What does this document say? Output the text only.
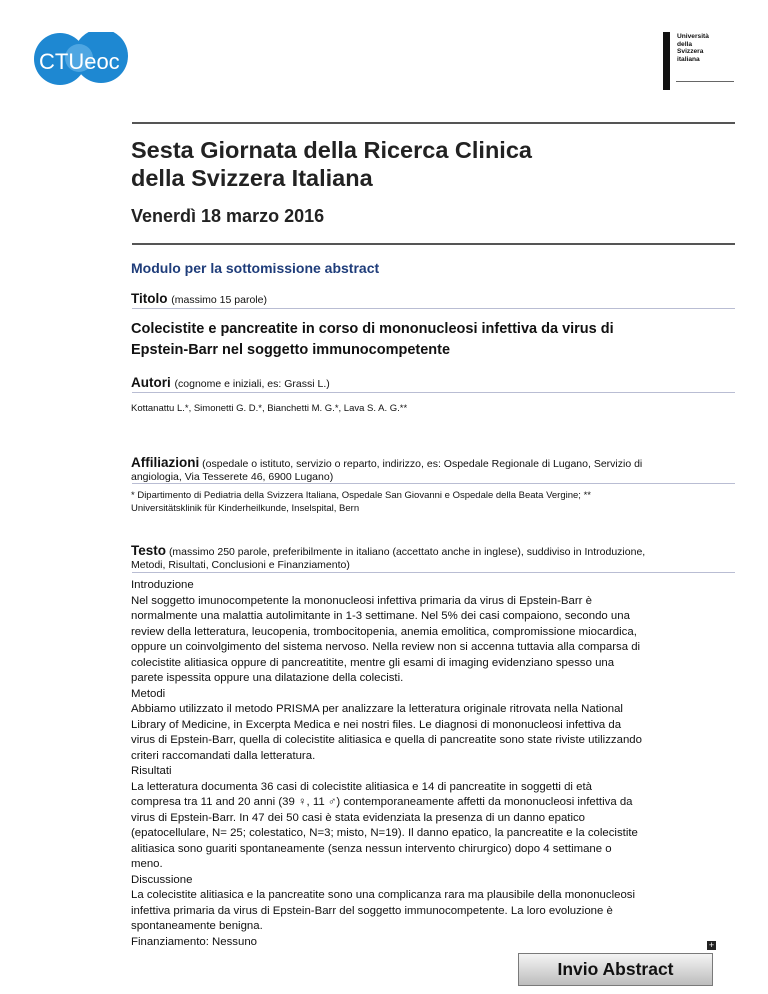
CTUeoc
Università
della
Svizzera
italiana
Sesta Giornata della Ricerca Clinica
della Svizzera Italiana
Venerdì 18 marzo 2016
Modulo per la sottomissione abstract
Titolo (massimo 15 parole)
Colecistite e pancreatite in corso di mononucleosi infettiva da virus di
Epstein-Barr nel soggetto immunocompetente
Autori (cognome e iniziali, es: Grassi L.)
Kottanattu L.*, Simonetti G. D.*, Bianchetti M. G.*, Lava S. A. G.**
Affiliazioni (ospedale o istituto, servizio o reparto, indirizzo, es: Ospedale Regionale di Lugano, Servizio di
angiologia, Via Tesserete 46, 6900 Lugano)
* Dipartimento di Pediatria della Svizzera Italiana, Ospedale San Giovanni e Ospedale della Beata Vergine; **
Universitätsklinik für Kinderheilkunde, Inselspital, Bern
Testo (massimo 250 parole, preferibilmente in italiano (accettato anche in inglese), suddiviso in Introduzione,
Metodi, Risultati, Conclusioni e Finanziamento)
Introduzione
Nel soggetto imunocompetente la mononucleosi infettiva primaria da virus di Epstein-Barr è
normalmente una malattia autolimitante in 1-3 settimane. Nel 5% dei casi compaiono, secondo una
review della letteratura, leucopenia, trombocitopenia, anemia emolitica, compromissione miocardica,
oppure un coinvolgimento del sistema nervoso. Nella review non si accenna tuttavia alla comparsa di
colecistite alitiasica oppure di pancreatitite, mentre gli esami di imaging evidenziano spesso una
parete ispessita oppure una dilatazione della colecisti.
Metodi
Abbiamo utilizzato il metodo PRISMA per analizzare la letteratura originale ritrovata nella National
Library of Medicine, in Excerpta Medica e nei nostri files. Le diagnosi di mononucleosi infettiva da
virus di Epstein-Barr, quella di colecistite alitiasica e quella di pancreatite sono state riviste utilizzando
criteri raccomandati dalla letteratura.
Risultati
La letteratura documenta 36 casi di colecistite alitiasica e 14 di pancreatite in soggetti di età
compresa tra 11 and 20 anni (39 ♀, 11 ♂) contemporaneamente affetti da mononucleosi infettiva da
virus di Epstein-Barr. In 47 dei 50 casi è stata evidenziata la presenza di un danno epatico
(epatocellulare, N= 25; colestatico, N=3; misto, N=19). Il danno epatico, la pancreatite e la colecistite
alitiasica sono guariti spontaneamente (senza nessun intervento chirurgico) dopo 4 settimane o
meno.
Discussione
La colecistite alitiasica e la pancreatite sono una complicanza rara ma plausibile della mononucleosi
infettiva primaria da virus di Epstein-Barr del soggetto immunocompetente. La loro evoluzione è
spontaneamente benigna.
Finanziamento: Nessuno	+
Invio Abstract
